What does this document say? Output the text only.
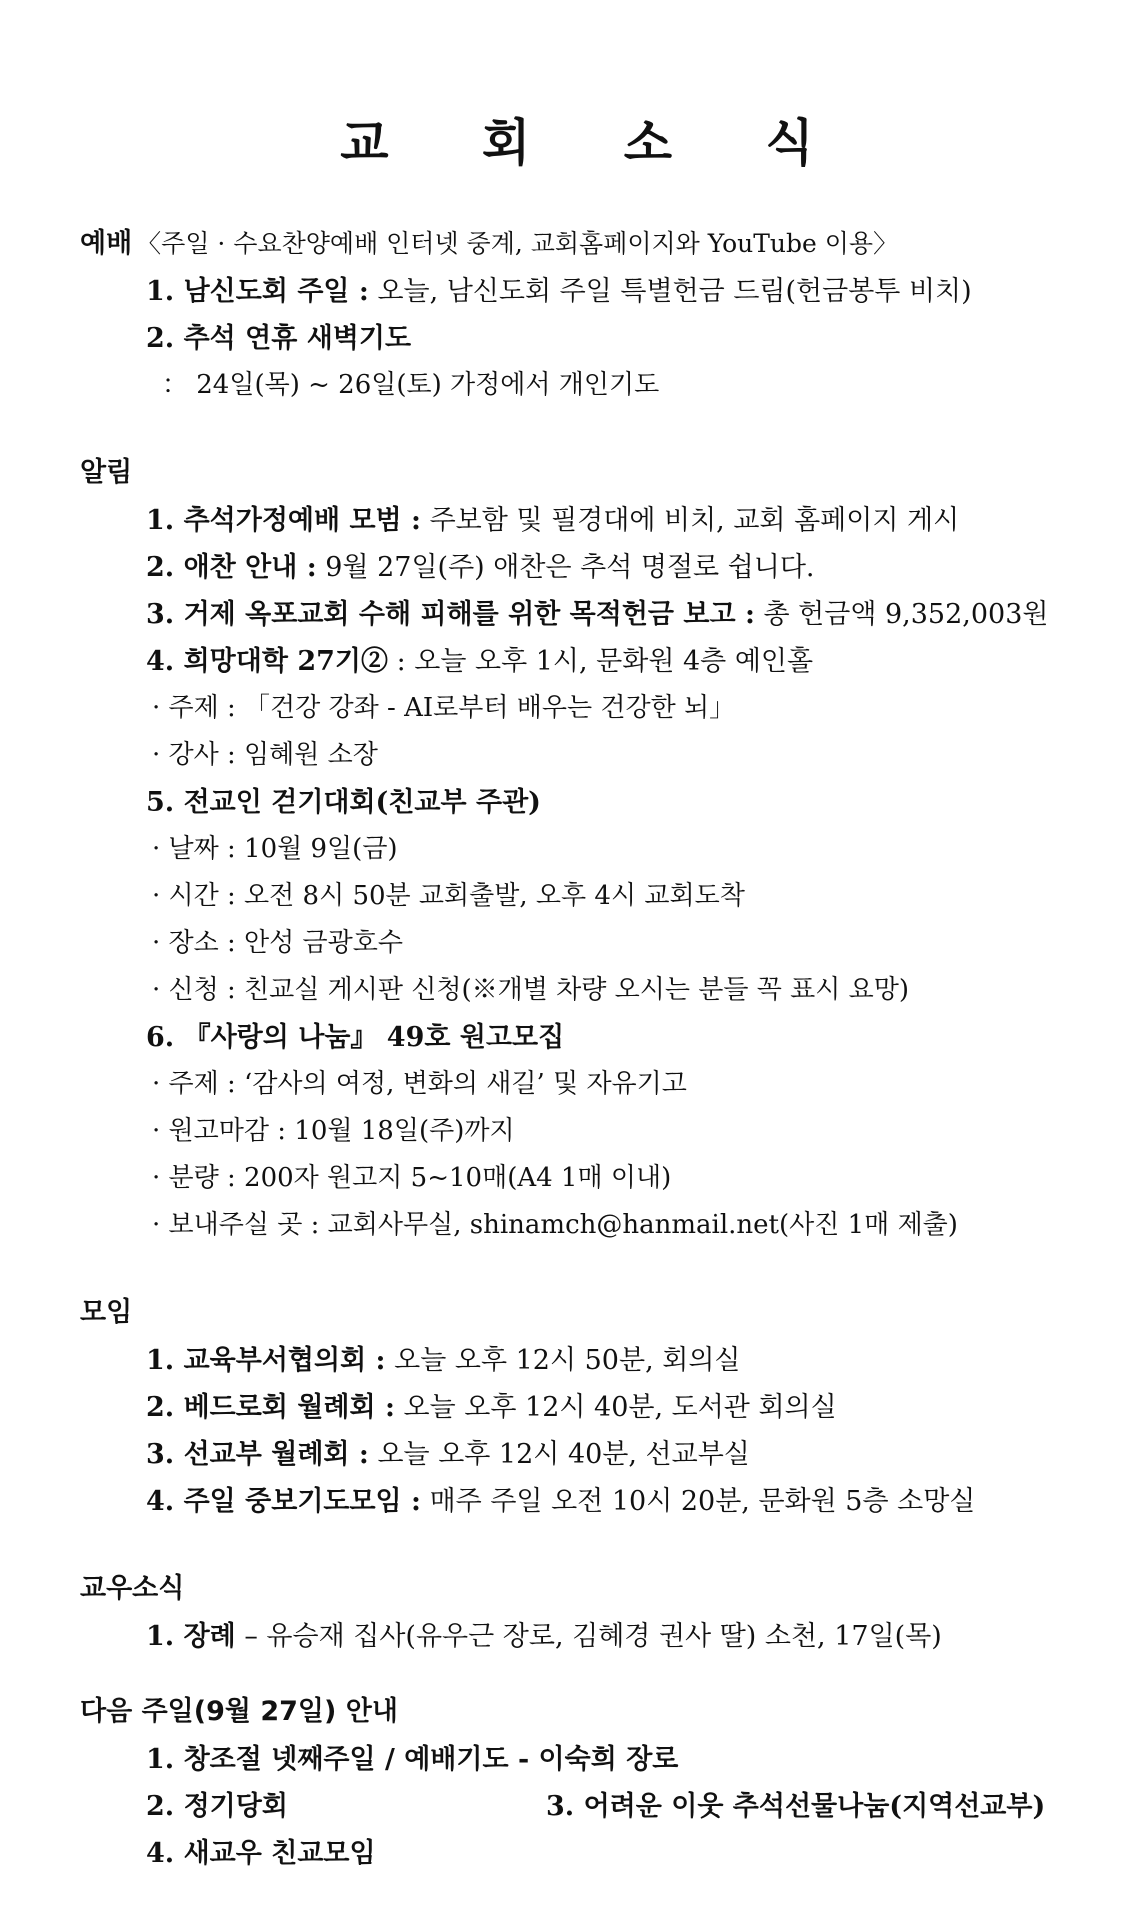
교 회 소 식
예배 〈주일 · 수요찬양예배 인터넷 중계, 교회홈페이지와 YouTube 이용〉
1. 남신도회 주일 : 오늘, 남신도회 주일 특별헌금 드림(헌금봉투 비치)
2. 추석 연휴 새벽기도
： 24일(목) ~ 26일(토) 가정에서 개인기도
알림
1. 추석가정예배 모범 : 주보함 및 필경대에 비치, 교회 홈페이지 게시
2. 애찬 안내 : 9월 27일(주) 애찬은 추석 명절로 쉽니다.
3. 거제 옥포교회 수해 피해를 위한 목적헌금 보고 : 총 헌금액 9,352,003원
4. 희망대학 27기② : 오늘 오후 1시, 문화원 4층 예인홀
· 주제 : 「건강 강좌 - AI로부터 배우는 건강한 뇌」
· 강사 : 임혜원 소장
5. 전교인 걷기대회(친교부 주관)
· 날짜 : 10월 9일(금)
· 시간 : 오전 8시 50분 교회출발, 오후 4시 교회도착
· 장소 : 안성 금광호수
· 신청 : 친교실 게시판 신청(※개별 차량 오시는 분들 꼭 표시 요망)
6. 『사랑의 나눔』 49호 원고모집
· 주제 : ‘감사의 여정, 변화의 새길’ 및 자유기고
· 원고마감 : 10월 18일(주)까지
· 분량 : 200자 원고지 5~10매(A4 1매 이내)
· 보내주실 곳 : 교회사무실, shinamch@hanmail.net(사진 1매 제출)
모임
1. 교육부서협의회 : 오늘 오후 12시 50분, 회의실
2. 베드로회 월례회 : 오늘 오후 12시 40분, 도서관 회의실
3. 선교부 월례회 : 오늘 오후 12시 40분, 선교부실
4. 주일 중보기도모임 : 매주 주일 오전 10시 20분, 문화원 5층 소망실
교우소식
1. 장례 – 유승재 집사(유우근 장로, 김혜경 권사 딸) 소천, 17일(목)
다음 주일(9월 27일) 안내
1. 창조절 넷째주일 / 예배기도 - 이숙희 장로
2. 정기당회	3. 어려운 이웃 추석선물나눔(지역선교부)
4. 새교우 친교모임
